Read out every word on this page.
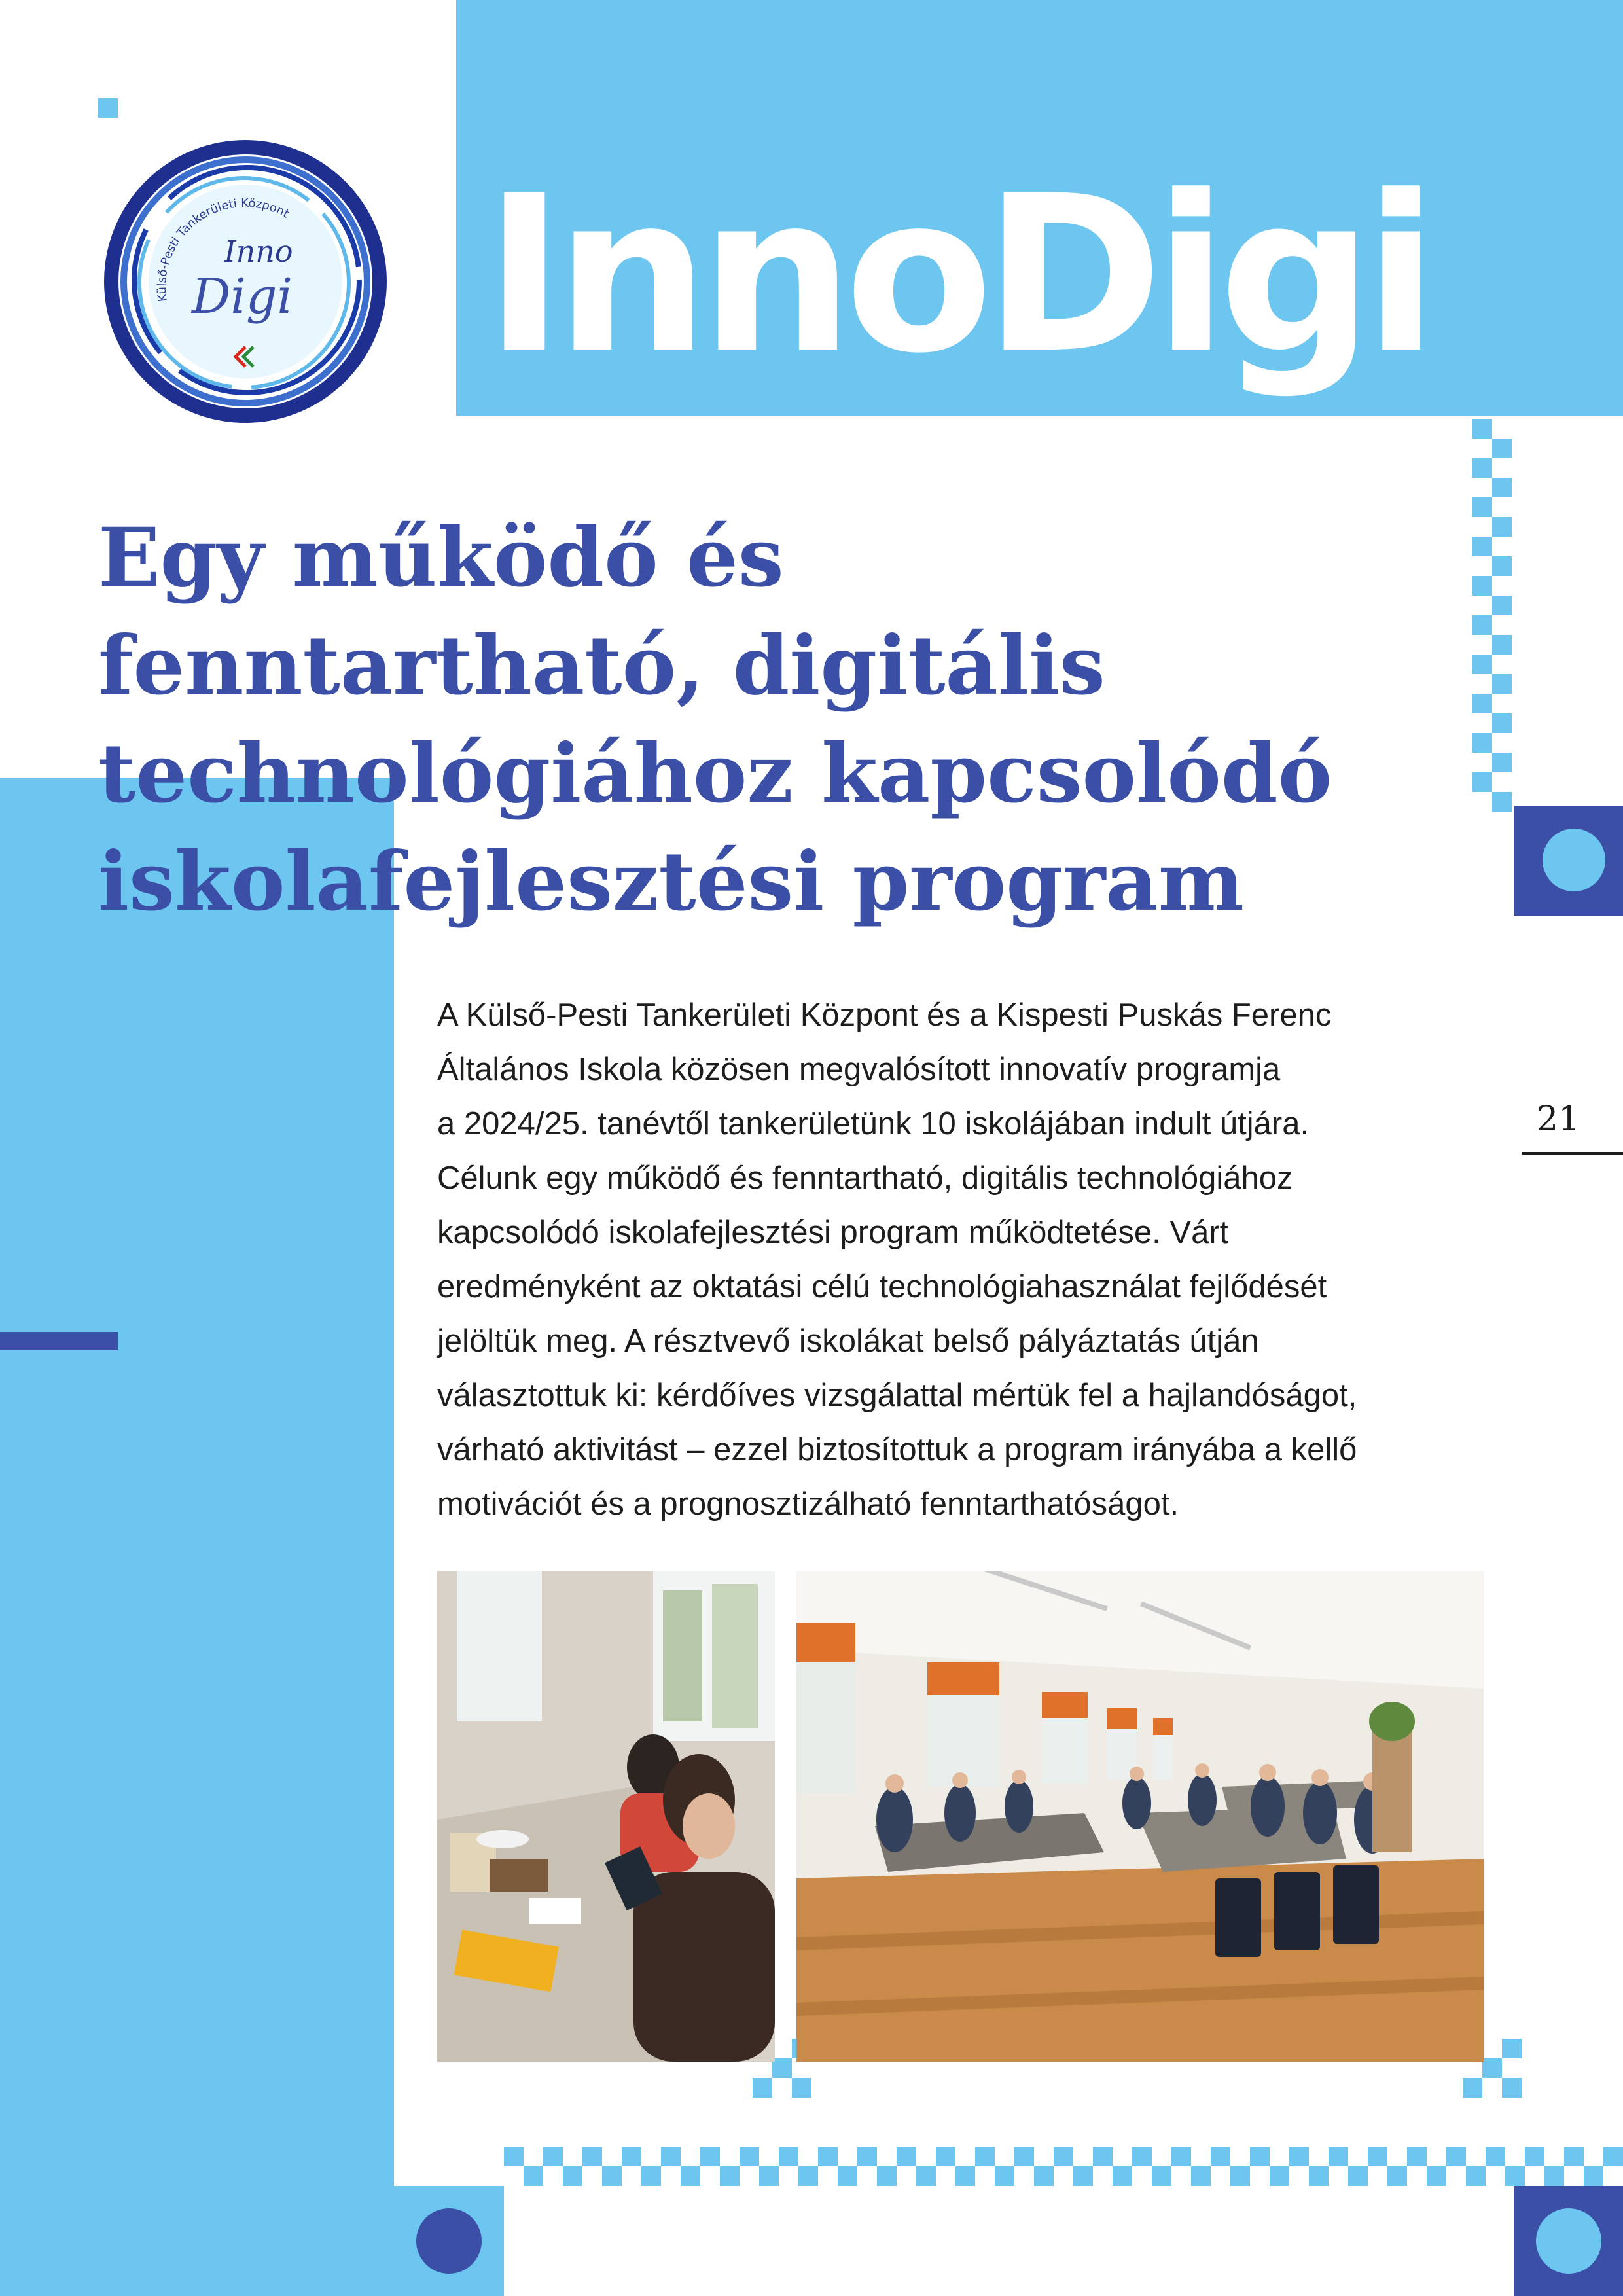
InnoDigi
Külső-Pesti Tankerületi Központ
Inno
Digi
Egy működő és fenntartható, digitális technológiához kapcsolódó iskolafejlesztési program
A Külső-Pesti Tankerületi Központ és a Kispesti Puskás Ferenc
Általános Iskola közösen megvalósított innovatív programja
a 2024/25. tanévtől tankerületünk 10 iskolájában indult útjára.
Célunk egy működő és fenntartható, digitális technológiához
kapcsolódó iskolafejlesztési program működtetése. Várt
eredményként az oktatási célú technológiahasználat fejlődését
jelöltük meg. A résztvevő iskolákat belső pályáztatás útján
választottuk ki: kérdőíves vizsgálattal mértük fel a hajlandóságot,
várható aktivitást – ezzel biztosítottuk a program irányába a kellő
motivációt és a prognosztizálható fenntarthatóságot.
21
